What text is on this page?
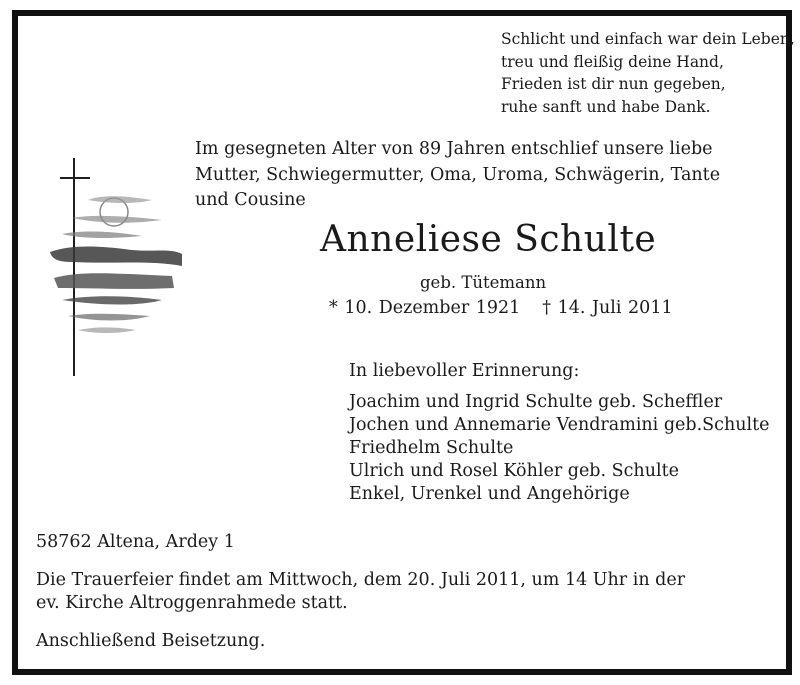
Schlicht und einfach war dein Leben,
treu und fleißig deine Hand,
Frieden ist dir nun gegeben,
ruhe sanft und habe Dank.
Im gesegneten Alter von 89 Jahren entschlief unsere liebe
Mutter, Schwiegermutter, Oma, Uroma, Schwägerin, Tante
und Cousine
Anneliese Schulte
geb. Tütemann
* 10. Dezember 1921 † 14. Juli 2011
In liebevoller Erinnerung:
Joachim und Ingrid Schulte geb. Scheffler
Jochen und Annemarie Vendramini geb.Schulte
Friedhelm Schulte
Ulrich und Rosel Köhler geb. Schulte
Enkel, Urenkel und Angehörige
58762 Altena, Ardey 1
Die Trauerfeier findet am Mittwoch, dem 20. Juli 2011, um 14 Uhr in der
ev. Kirche Altroggenrahmede statt.
Anschließend Beisetzung.
